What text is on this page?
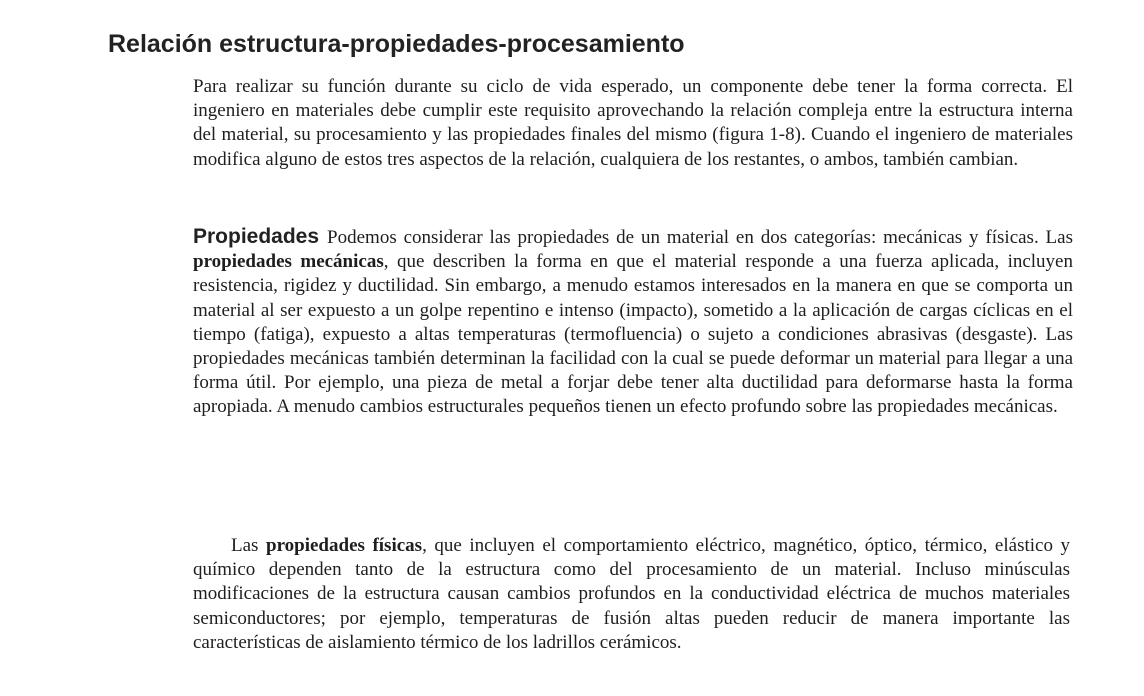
Relación estructura-propiedades-procesamiento

Para realizar su función durante su ciclo de vida esperado, un componente debe tener la forma correcta. El ingeniero en materiales debe cumplir este requisito aprovechando la relación compleja entre la estructura interna del material, su procesamiento y las propiedades finales del mismo (figura 1-8). Cuando el ingeniero de materiales modifica alguno de estos tres aspectos de la relación, cualquiera de los restantes, o ambos, también cambian.

Propiedades Podemos considerar las propiedades de un material en dos categorías: mecánicas y físicas. Las propiedades mecánicas, que describen la forma en que el material responde a una fuerza aplicada, incluyen resistencia, rigidez y ductilidad. Sin embargo, a menudo estamos interesados en la manera en que se comporta un material al ser expuesto a un golpe repentino e intenso (impacto), sometido a la aplicación de cargas cíclicas en el tiempo (fatiga), expuesto a altas temperaturas (termofluencia) o sujeto a condiciones abrasivas (desgaste). Las propiedades mecánicas también determinan la facilidad con la cual se puede deformar un material para llegar a una forma útil. Por ejemplo, una pieza de metal a forjar debe tener alta ductilidad para deformarse hasta la forma apropiada. A menudo cambios estructurales pequeños tienen un efecto profundo sobre las propiedades mecánicas.

Las propiedades físicas, que incluyen el comportamiento eléctrico, magnético, óptico, térmico, elástico y químico dependen tanto de la estructura como del procesamiento de un material. Incluso minúsculas modificaciones de la estructura causan cambios profundos en la conductividad eléctrica de muchos materiales semiconductores; por ejemplo, temperaturas de fusión altas pueden reducir de manera importante las características de aislamiento térmico de los ladrillos cerámicos.
